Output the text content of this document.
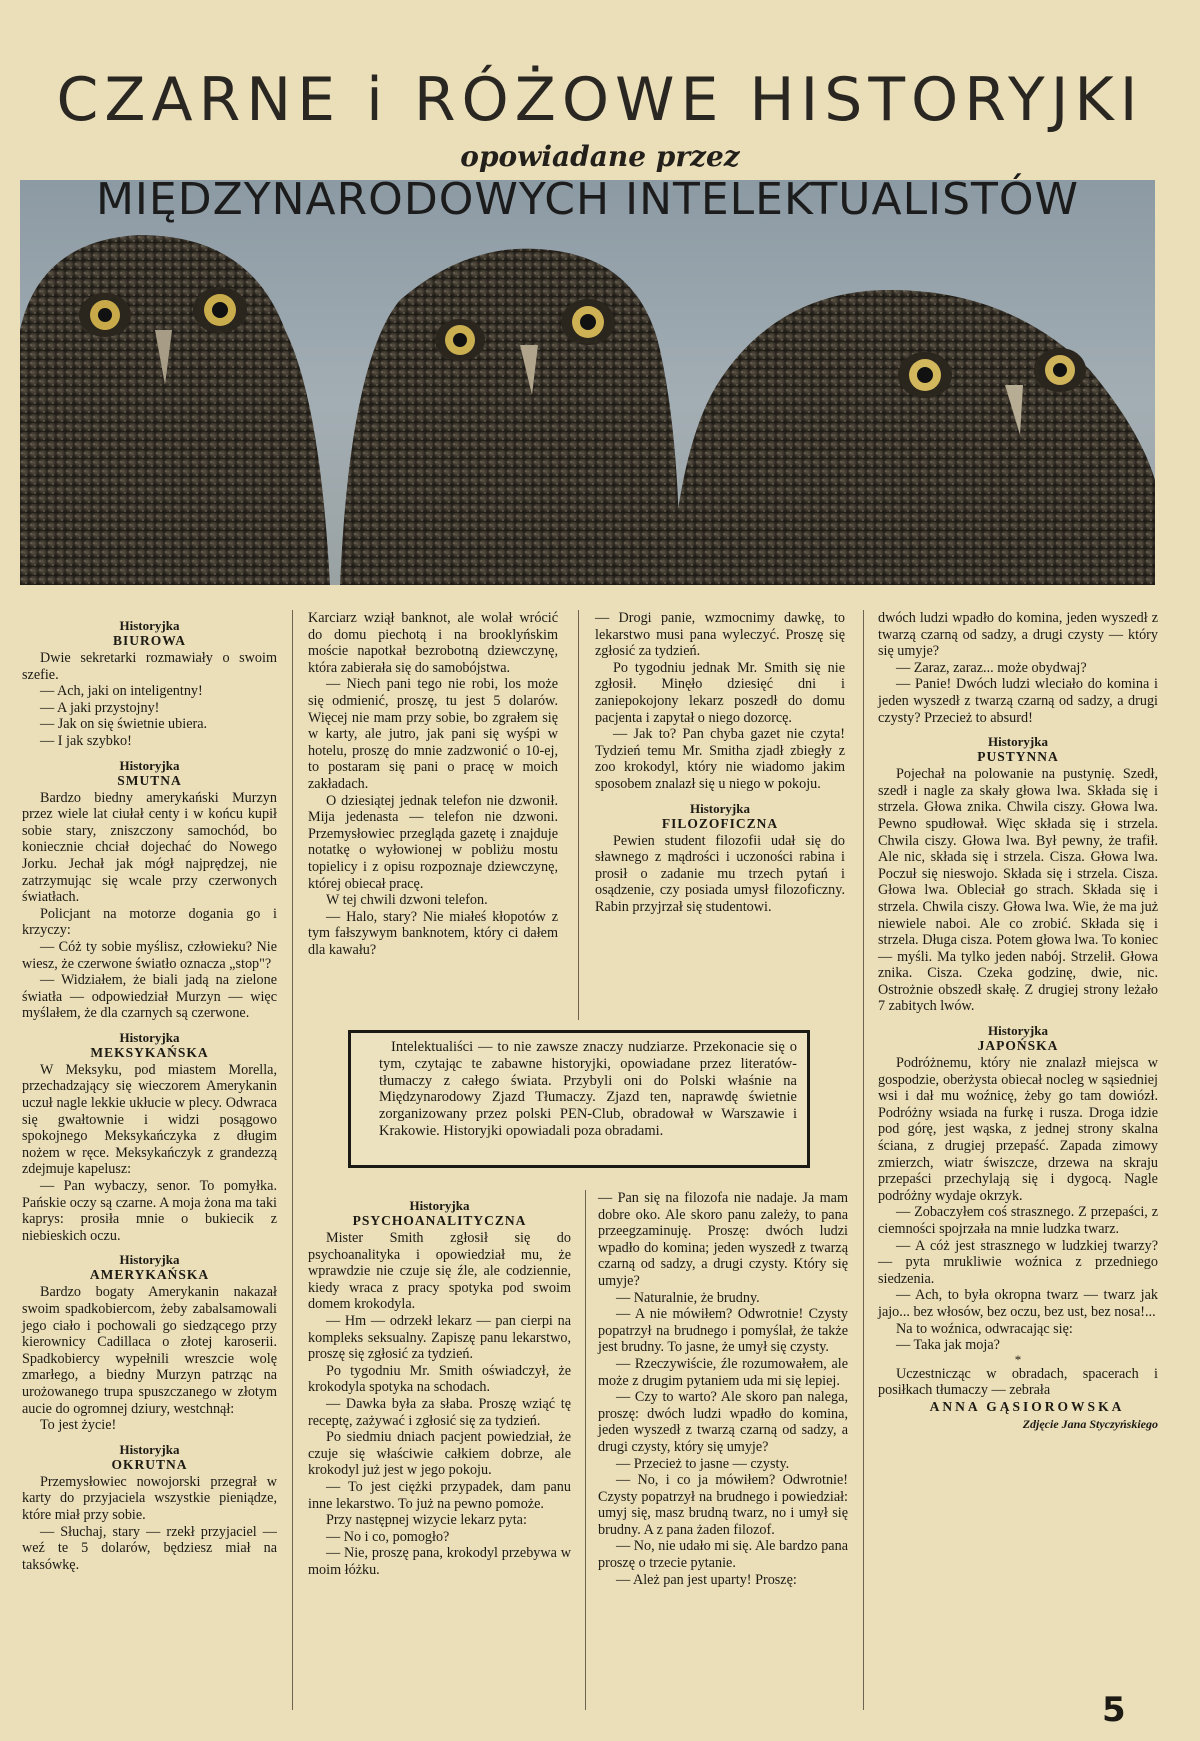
CZARNE i RÓŻOWE HISTORYJKI
opowiadane przez
MIĘDZYNARODOWYCH INTELEKTUALISTÓW
Historyjka
BIUROWA

Dwie sekretarki rozmawiały o swoim szefie.

— Ach, jaki on inteligentny!

— A jaki przystojny!

— Jak on się świetnie ubiera.

— I jak szybko!

Historyjka
SMUTNA

Bardzo biedny amerykański Murzyn przez wiele lat ciułał centy i w końcu kupił sobie stary, zniszczony samochód, bo koniecznie chciał dojechać do Nowego Jorku. Jechał jak mógł najprędzej, nie zatrzymując się wcale przy czerwonych światłach.

Policjant na motorze dogania go i krzyczy:

— Cóż ty sobie myślisz, człowieku? Nie wiesz, że czerwone światło oznacza „stop"?

— Widziałem, że biali jadą na zielone światła — odpowiedział Murzyn — więc myślałem, że dla czarnych są czerwone.

Historyjka
MEKSYKAŃSKA

W Meksyku, pod miastem Morella, przechadzający się wieczorem Amerykanin uczuł nagle lekkie ukłucie w plecy. Odwraca się gwałtownie i widzi posągowo spokojnego Meksykańczyka z długim nożem w ręce. Meksykańczyk z grandezzą zdejmuje kapelusz:

— Pan wybaczy, senor. To pomyłka. Pańskie oczy są czarne. A moja żona ma taki kaprys: prosiła mnie o bukiecik z niebieskich oczu.

Historyjka
AMERYKAŃSKA

Bardzo bogaty Amerykanin nakazał swoim spadkobiercom, żeby zabalsamowali jego ciało i pochowali go siedzącego przy kierownicy Cadillaca o złotej karoserii. Spadkobiercy wypełnili wreszcie wolę zmarłego, a biedny Murzyn patrząc na urożowanego trupa spuszczanego w złotym aucie do ogromnej dziury, westchnął:

To jest życie!

Historyjka
OKRUTNA

Przemysłowiec nowojorski przegrał w karty do przyjaciela wszystkie pieniądze, które miał przy sobie.

— Słuchaj, stary — rzekł przyjaciel — weź te 5 dolarów, będziesz miał na taksówkę.

Karciarz wziął banknot, ale wolał wrócić do domu piechotą i na brooklyńskim moście napotkał bezrobotną dziewczynę, która zabierała się do samobójstwa.

— Niech pani tego nie robi, los może się odmienić, proszę, tu jest 5 dolarów. Więcej nie mam przy sobie, bo zgrałem się w karty, ale jutro, jak pani się wyśpi w hotelu, proszę do mnie zadzwonić o 10-ej, to postaram się pani o pracę w moich zakładach.

O dziesiątej jednak telefon nie dzwonił. Mija jedenasta — telefon nie dzwoni. Przemysłowiec przegląda gazetę i znajduje notatkę o wyłowionej w pobliżu mostu topielicy i z opisu rozpoznaje dziewczynę, której obiecał pracę.

W tej chwili dzwoni telefon.

— Halo, stary? Nie miałeś kłopotów z tym fałszywym banknotem, który ci dałem dla kawału?

— Drogi panie, wzmocnimy dawkę, to lekarstwo musi pana wyleczyć. Proszę się zgłosić za tydzień.

Po tygodniu jednak Mr. Smith się nie zgłosił. Minęło dziesięć dni i zaniepokojony lekarz poszedł do domu pacjenta i zapytał o niego dozorcę.

— Jak to? Pan chyba gazet nie czyta! Tydzień temu Mr. Smitha zjadł zbiegły z zoo krokodyl, który nie wiadomo jakim sposobem znalazł się u niego w pokoju.

Historyjka
FILOZOFICZNA

Pewien student filozofii udał się do sławnego z mądrości i uczoności rabina i prosił o zadanie mu trzech pytań i osądzenie, czy posiada umysł filozoficzny. Rabin przyjrzał się studentowi.

dwóch ludzi wpadło do komina, jeden wyszedł z twarzą czarną od sadzy, a drugi czysty — który się umyje?

— Zaraz, zaraz... może obydwaj?

— Panie! Dwóch ludzi wleciało do komina i jeden wyszedł z twarzą czarną od sadzy, a drugi czysty? Przecież to absurd!

Historyjka
PUSTYNNA

Pojechał na polowanie na pustynię. Szedł, szedł i nagle za skały głowa lwa. Składa się i strzela. Głowa znika. Chwila ciszy. Głowa lwa. Pewno spudłował. Więc składa się i strzela. Chwila ciszy. Głowa lwa. Był pewny, że trafił. Ale nic, składa się i strzela. Cisza. Głowa lwa. Poczuł się nieswojo. Składa się i strzela. Cisza. Głowa lwa. Obleciał go strach. Składa się i strzela. Chwila ciszy. Głowa lwa. Wie, że ma już niewiele naboi. Ale co zrobić. Składa się i strzela. Długa cisza. Potem głowa lwa. To koniec — myśli. Ma tylko jeden nabój. Strzelił. Głowa znika. Cisza. Czeka godzinę, dwie, nic. Ostrożnie obszedł skałę. Z drugiej strony leżało 7 zabitych lwów.

Historyjka
JAPOŃSKA

Podróżnemu, który nie znalazł miejsca w gospodzie, oberżysta obiecał nocleg w sąsiedniej wsi i dał mu woźnicę, żeby go tam dowiózł. Podróżny wsiada na furkę i rusza. Droga idzie pod górę, jest wąska, z jednej strony skalna ściana, z drugiej przepaść. Zapada zimowy zmierzch, wiatr świszcze, drzewa na skraju przepaści przechylają się i dygocą. Nagle podróżny wydaje okrzyk.

— Zobaczyłem coś strasznego. Z przepaści, z ciemności spojrzała na mnie ludzka twarz.

— A cóż jest strasznego w ludzkiej twarzy? — pyta mrukliwie woźnica z przedniego siedzenia.

— Ach, to była okropna twarz — twarz jak jajo... bez włosów, bez oczu, bez ust, bez nosa!...

Na to woźnica, odwracając się:

— Taka jak moja?

*

Uczestnicząc w obradach, spacerach i posiłkach tłumaczy — zebrała

ANNA GĄSIOROWSKA

Zdjęcie Jana Styczyńskiego

Intelektualiści — to nie zawsze znaczy nudziarze. Przekonacie się o tym, czytając te zabawne historyjki, opowiadane przez literatów-tłumaczy z całego świata. Przybyli oni do Polski właśnie na Międzynarodowy Zjazd Tłumaczy. Zjazd ten, naprawdę świetnie zorganizowany przez polski PEN-Club, obradował w Warszawie i Krakowie. Historyjki opowiadali poza obradami.

Historyjka
PSYCHOANALITYCZNA

Mister Smith zgłosił się do psychoanalityka i opowiedział mu, że wprawdzie nie czuje się źle, ale codziennie, kiedy wraca z pracy spotyka pod swoim domem krokodyla.

— Hm — odrzekł lekarz — pan cierpi na kompleks seksualny. Zapiszę panu lekarstwo, proszę się zgłosić za tydzień.

Po tygodniu Mr. Smith oświadczył, że krokodyla spotyka na schodach.

— Dawka była za słaba. Proszę wziąć tę receptę, zażywać i zgłosić się za tydzień.

Po siedmiu dniach pacjent powiedział, że czuje się właściwie całkiem dobrze, ale krokodyl już jest w jego pokoju.

— To jest ciężki przypadek, dam panu inne lekarstwo. To już na pewno pomoże.

Przy następnej wizycie lekarz pyta:

— No i co, pomogło?

— Nie, proszę pana, krokodyl przebywa w moim łóżku.

— Pan się na filozofa nie nadaje. Ja mam dobre oko. Ale skoro panu zależy, to pana przeegzaminuję. Proszę: dwóch ludzi wpadło do komina; jeden wyszedł z twarzą czarną od sadzy, a drugi czysty. Który się umyje?

— Naturalnie, że brudny.

— A nie mówiłem? Odwrotnie! Czysty popatrzył na brudnego i pomyślał, że także jest brudny. To jasne, że umył się czysty.

— Rzeczywiście, źle rozumowałem, ale może z drugim pytaniem uda mi się lepiej.

— Czy to warto? Ale skoro pan nalega, proszę: dwóch ludzi wpadło do komina, jeden wyszedł z twarzą czarną od sadzy, a drugi czysty, który się umyje?

— Przecież to jasne — czysty.

— No, i co ja mówiłem? Odwrotnie! Czysty popatrzył na brudnego i powiedział: umyj się, masz brudną twarz, no i umył się brudny. A z pana żaden filozof.

— No, nie udało mi się. Ale bardzo pana proszę o trzecie pytanie.

— Ależ pan jest uparty! Proszę:

5
